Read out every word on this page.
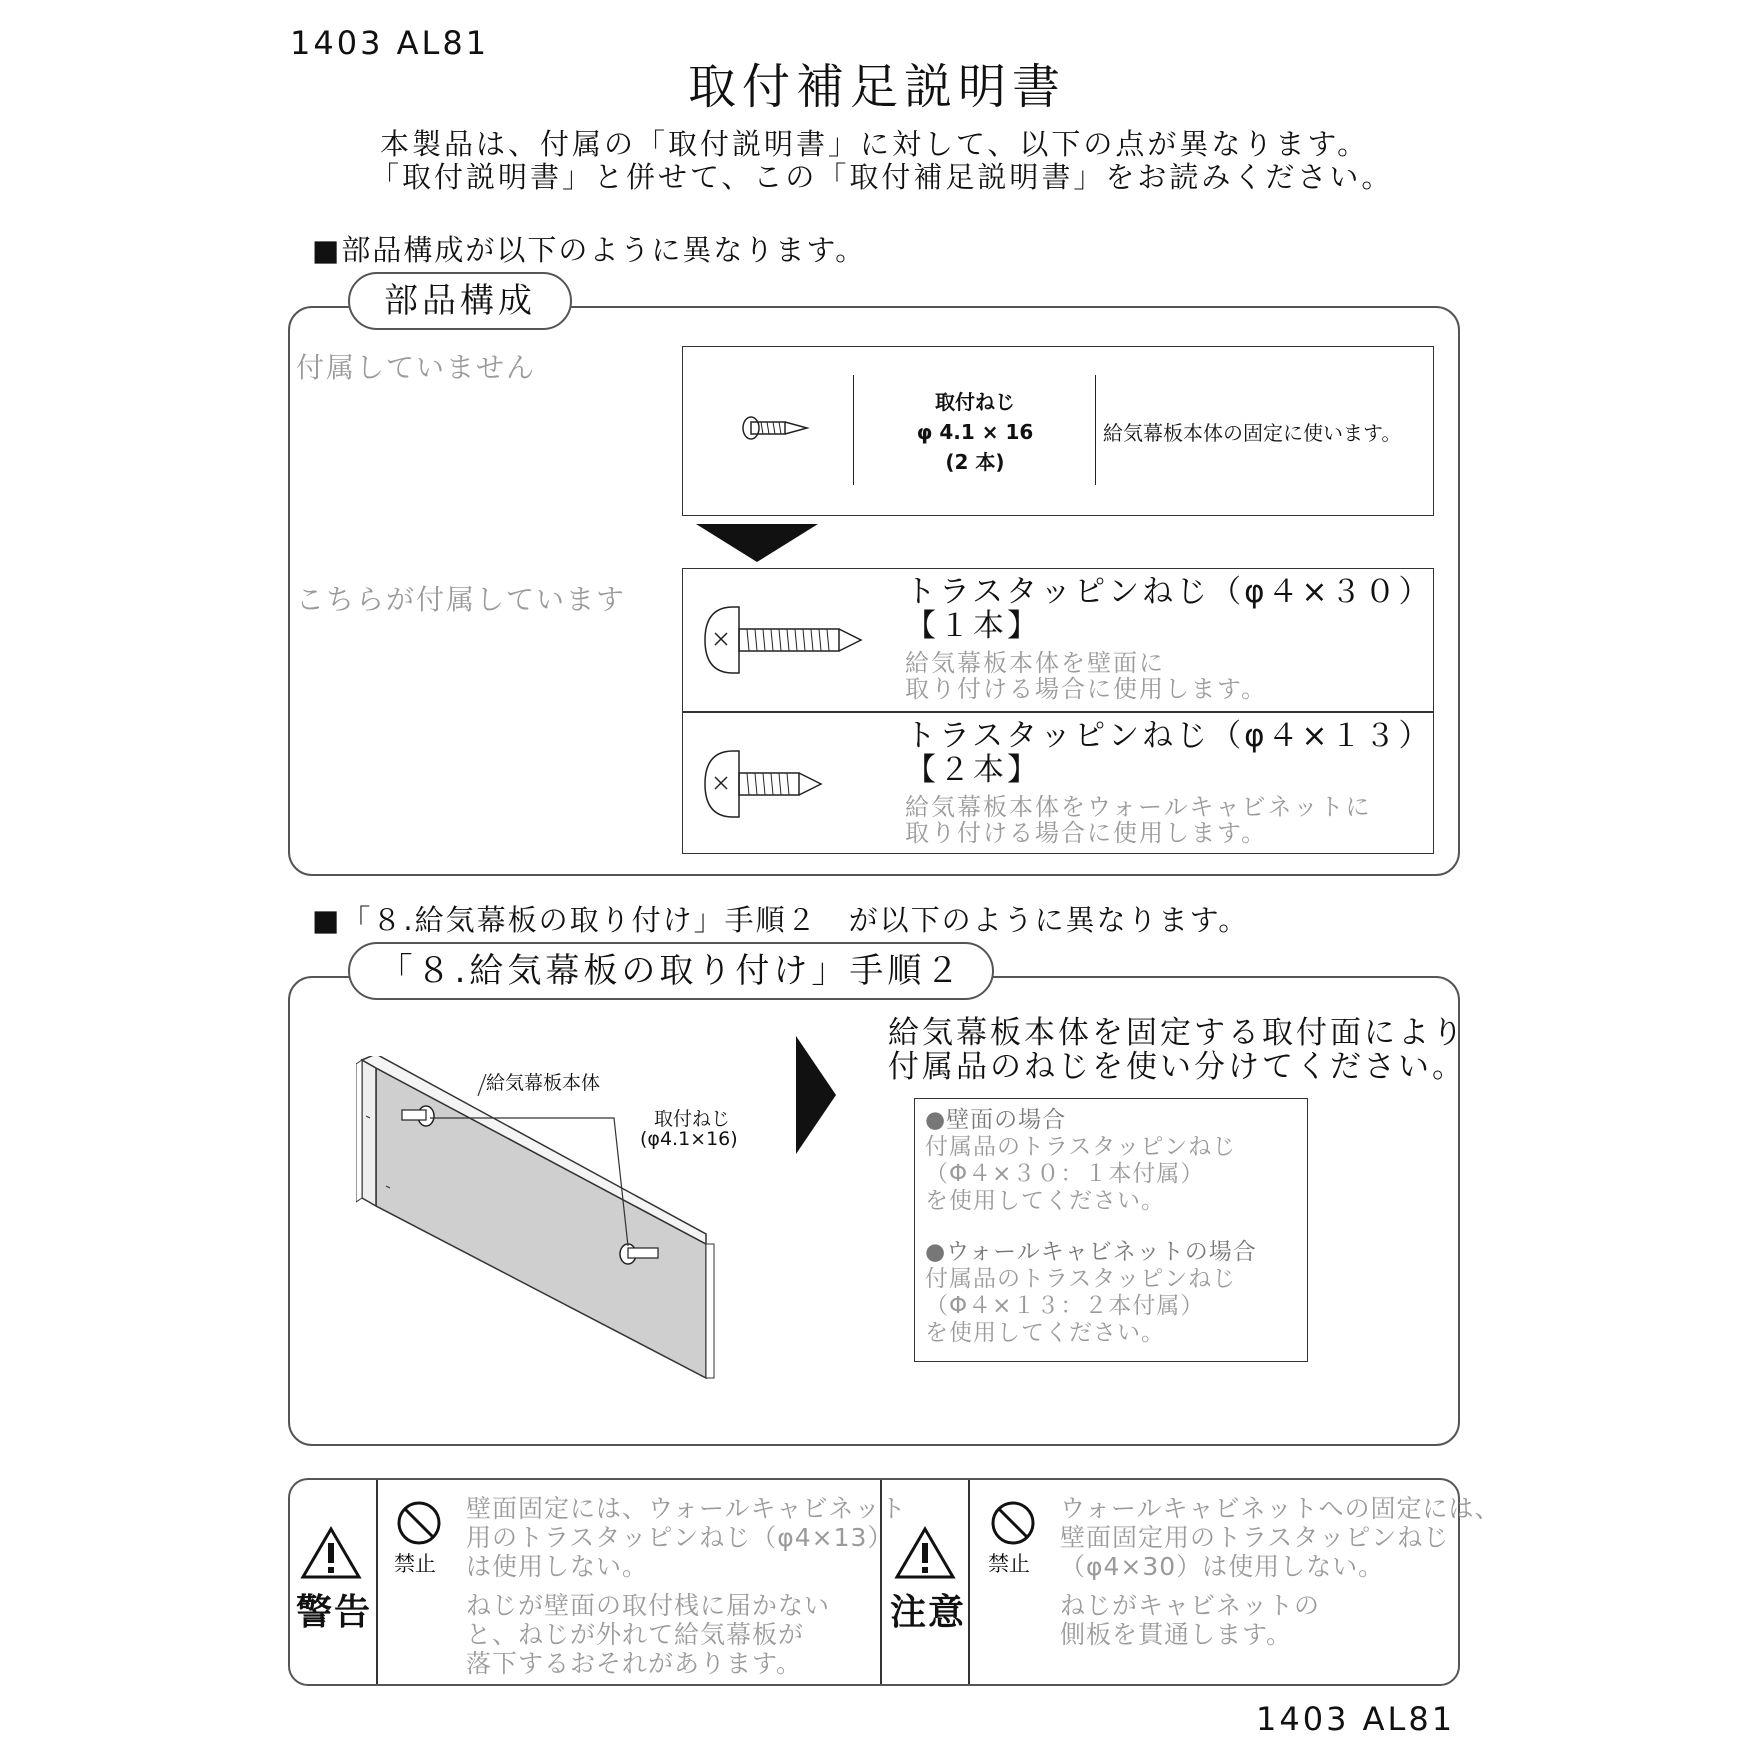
1403 AL81
取付補足説明書
本製品は、付属の「取付説明書」に対して、以下の点が異なります。
「取付説明書」と併せて、この「取付補足説明書」をお読みください。
■部品構成が以下のように異なります。
部品構成
付属していません
こちらが付属しています
取付ねじ
φ 4.1 × 16
(2 本)
給気幕板本体の固定に使います。
トラスタッピンねじ（φ４×３０）
【１本】
給気幕板本体を壁面に
取り付ける場合に使用します。
トラスタッピンねじ（φ４×１３）
【２本】
給気幕板本体をウォールキャビネットに
取り付ける場合に使用します。
■「８.給気幕板の取り付け」手順２　が以下のように異なります。
「８.給気幕板の取り付け」手順２
給気幕板本体
取付ねじ
(φ4.1×16)
給気幕板本体を固定する取付面により
付属品のねじを使い分けてください。
●壁面の場合
付属品のトラスタッピンねじ
（Φ４×３０：１本付属）
を使用してください。
●ウォールキャビネットの場合
付属品のトラスタッピンねじ
（Φ４×１３：２本付属）
を使用してください。
警告
禁止
壁面固定には、ウォールキャビネット
用のトラスタッピンねじ（φ4×13）
は使用しない。
ねじが壁面の取付桟に届かない
と、ねじが外れて給気幕板が
落下するおそれがあります。
注意
禁止
ウォールキャビネットへの固定には、
壁面固定用のトラスタッピンねじ
（φ4×30）は使用しない。
ねじがキャビネットの
側板を貫通します。
1403 AL81
